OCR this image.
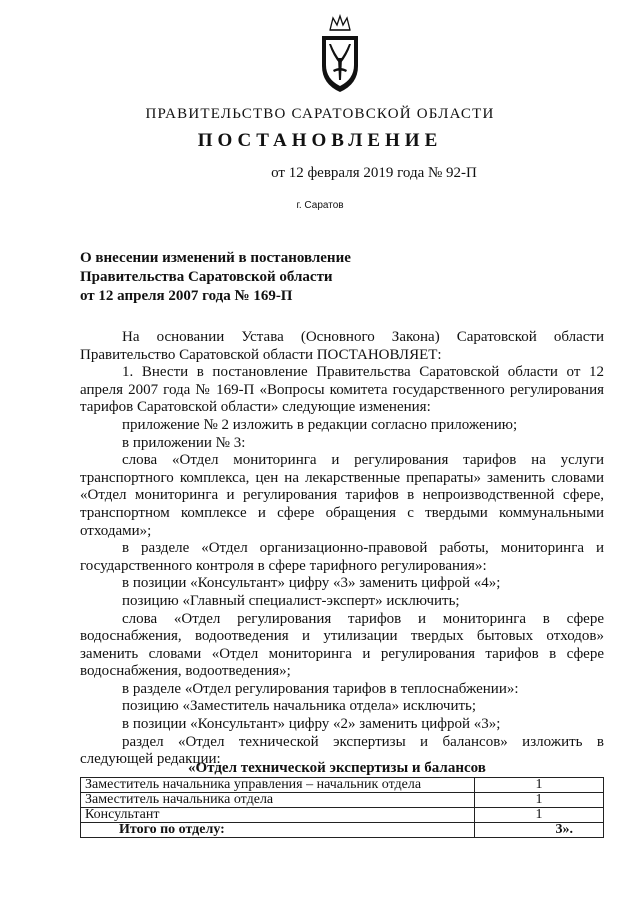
ПРАВИТЕЛЬСТВО САРАТОВСКОЙ ОБЛАСТИ
ПОСТАНОВЛЕНИЕ
от 12 февраля 2019 года № 92-П
г. Саратов
О внесении изменений в постановление
Правительства Саратовской области
от 12 апреля 2007 года № 169-П

На основании Устава (Основного Закона) Саратовской области Правительство Саратовской области ПОСТАНОВЛЯЕТ:

1. Внести в постановление Правительства Саратовской области от 12 апреля 2007 года № 169-П «Вопросы комитета государственного регулирования тарифов Саратовской области» следующие изменения:

приложение № 2 изложить в редакции согласно приложению;

в приложении № 3:

слова «Отдел мониторинга и регулирования тарифов на услуги транспортного комплекса, цен на лекарственные препараты» заменить словами «Отдел мониторинга и регулирования тарифов в непроизводственной сфере, транспортном комплексе и сфере обращения с твердыми коммунальными отходами»;

в разделе «Отдел организационно-правовой работы, мониторинга и государственного контроля в сфере тарифного регулирования»:

в позиции «Консультант» цифру «3» заменить цифрой «4»;

позицию «Главный специалист-эксперт» исключить;

слова «Отдел регулирования тарифов и мониторинга в сфере водоснабжения, водоотведения и утилизации твердых бытовых отходов» заменить словами «Отдел мониторинга и регулирования тарифов в сфере водоснабжения, водоотведения»;

в разделе «Отдел регулирования тарифов в теплоснабжении»:

позицию «Заместитель начальника отдела» исключить;

в позиции «Консультант» цифру «2» заменить цифрой «3»;

раздел «Отдел технической экспертизы и балансов» изложить в следующей редакции:

«Отдел технической экспертизы и балансов
Заместитель начальника управления – начальник отдела	1
Заместитель начальника отдела	1
Консультант	1
Итого по отделу:	3».
